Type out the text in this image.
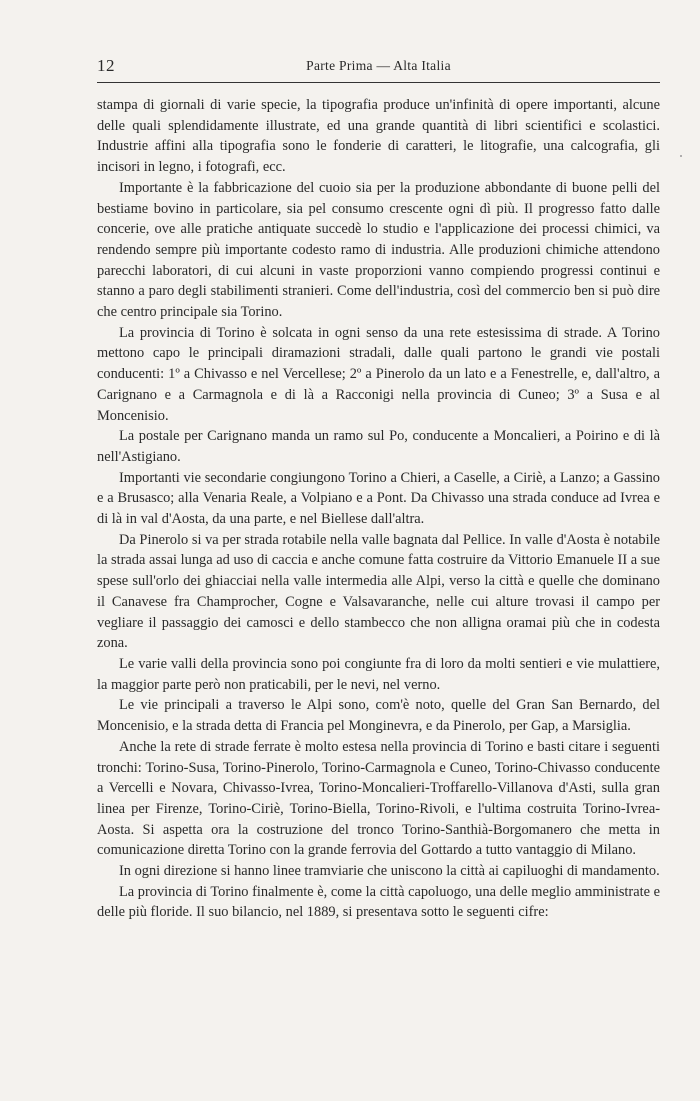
12	Parte Prima — Alta Italia

stampa di giornali di varie specie, la tipografia produce un'infinità di opere importanti, alcune delle quali splendidamente illustrate, ed una grande quantità di libri scientifici e scolastici. Industrie affini alla tipografia sono le fonderie di caratteri, le litografie, una calcografia, gli incisori in legno, i fotografi, ecc.

Importante è la fabbricazione del cuoio sia per la produzione abbondante di buone pelli del bestiame bovino in particolare, sia pel consumo crescente ogni dì più. Il progresso fatto dalle concerie, ove alle pratiche antiquate succedè lo studio e l'applicazione dei processi chimici, va rendendo sempre più importante codesto ramo di industria. Alle produzioni chimiche attendono parecchi laboratori, di cui alcuni in vaste proporzioni vanno compiendo progressi continui e stanno a paro degli stabilimenti stranieri. Come dell'industria, così del commercio ben si può dire che centro principale sia Torino.

La provincia di Torino è solcata in ogni senso da una rete estesissima di strade. A Torino mettono capo le principali diramazioni stradali, dalle quali partono le grandi vie postali conducenti: 1º a Chivasso e nel Vercellese; 2º a Pinerolo da un lato e a Fenestrelle, e, dall'altro, a Carignano e a Carmagnola e di là a Racconigi nella provincia di Cuneo; 3º a Susa e al Moncenisio.

La postale per Carignano manda un ramo sul Po, conducente a Moncalieri, a Poirino e di là nell'Astigiano.

Importanti vie secondarie congiungono Torino a Chieri, a Caselle, a Ciriè, a Lanzo; a Gassino e a Brusasco; alla Venaria Reale, a Volpiano e a Pont. Da Chivasso una strada conduce ad Ivrea e di là in val d'Aosta, da una parte, e nel Biellese dall'altra.

Da Pinerolo si va per strada rotabile nella valle bagnata dal Pellice. In valle d'Aosta è notabile la strada assai lunga ad uso di caccia e anche comune fatta costruire da Vittorio Emanuele II a sue spese sull'orlo dei ghiacciai nella valle intermedia alle Alpi, verso la città e quelle che dominano il Canavese fra Champrocher, Cogne e Valsavaranche, nelle cui alture trovasi il campo per vegliare il passaggio dei camosci e dello stambecco che non alligna oramai più che in codesta zona.

Le varie valli della provincia sono poi congiunte fra di loro da molti sentieri e vie mulattiere, la maggior parte però non praticabili, per le nevi, nel verno.

Le vie principali a traverso le Alpi sono, com'è noto, quelle del Gran San Bernardo, del Moncenisio, e la strada detta di Francia pel Monginevra, e da Pinerolo, per Gap, a Marsiglia.

Anche la rete di strade ferrate è molto estesa nella provincia di Torino e basti citare i seguenti tronchi: Torino-Susa, Torino-Pinerolo, Torino-Carmagnola e Cuneo, Torino-Chivasso conducente a Vercelli e Novara, Chivasso-Ivrea, Torino-Moncalieri-Troffarello-Villanova d'Asti, sulla gran linea per Firenze, Torino-Ciriè, Torino-Biella, Torino-Rivoli, e l'ultima costruita Torino-Ivrea-Aosta. Si aspetta ora la costruzione del tronco Torino-Santhià-Borgomanero che metta in comunicazione diretta Torino con la grande ferrovia del Gottardo a tutto vantaggio di Milano.

In ogni direzione si hanno linee tramviarie che uniscono la città ai capiluoghi di mandamento.

La provincia di Torino finalmente è, come la città capoluogo, una delle meglio amministrate e delle più floride. Il suo bilancio, nel 1889, si presentava sotto le seguenti cifre:
